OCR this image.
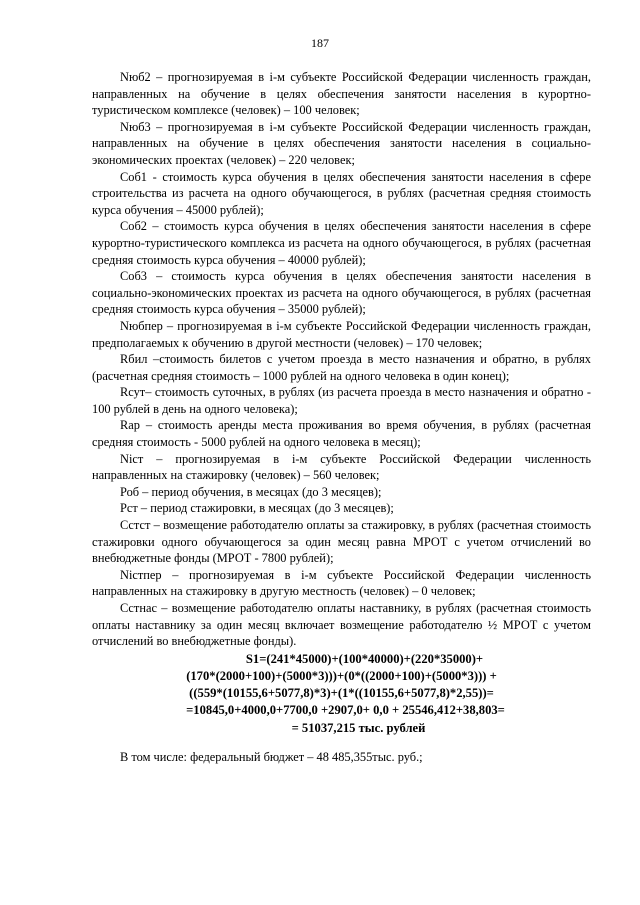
187

Nюб2 – прогнозируемая в i-м субъекте Российской Федерации численность граждан, направленных на обучение в целях обеспечения занятости населения в курортно-туристическом комплексе (человек) – 100 человек;

Nюб3 – прогнозируемая в i-м субъекте Российской Федерации численность граждан, направленных на обучение в целях обеспечения занятости населения в социально-экономических проектах (человек) – 220 человек;

Соб1 - стоимость курса обучения в целях обеспечения занятости населения в сфере строительства из расчета на одного обучающегося, в рублях (расчетная средняя стоимость курса обучения – 45000 рублей);

Соб2 – стоимость курса обучения в целях обеспечения занятости населения в сфере курортно-туристического комплекса из расчета на одного обучающегося, в рублях (расчетная средняя стоимость курса обучения – 40000 рублей);

Соб3 – стоимость курса обучения в целях обеспечения занятости населения в социально-экономических проектах из расчета на одного обучающегося, в рублях (расчетная средняя стоимость курса обучения – 35000 рублей);

Nюбпер – прогнозируемая в i-м субъекте Российской Федерации численность граждан, предполагаемых к обучению в другой местности (человек) – 170 человек;

Rбил –стоимость билетов с учетом проезда в место назначения и обратно, в рублях (расчетная средняя стоимость – 1000 рублей на одного человека в один конец);

Rсут– стоимость суточных, в рублях (из расчета проезда в место назначения и обратно - 100 рублей в день на одного человека);

Rар – стоимость аренды места проживания во время обучения, в рублях (расчетная средняя стоимость - 5000 рублей на одного человека в месяц);

Nicт – прогнозируемая в i-м субъекте Российской Федерации численность направленных на стажировку (человек) – 560 человек;

Роб – период обучения, в месяцах (до 3 месяцев);

Рст – период стажировки, в месяцах (до 3 месяцев);

Сстст – возмещение работодателю оплаты за стажировку, в рублях (расчетная стоимость стажировки одного обучающегося за один месяц равна МРОТ с учетом отчислений во внебюджетные фонды (МРОТ - 7800 рублей);

Nicтпер – прогнозируемая в i-м субъекте Российской Федерации численность направленных на стажировку в другую местность (человек) – 0 человек;

Сстнас – возмещение работодателю оплаты наставнику, в рублях (расчетная стоимость оплаты наставнику за один месяц включает возмещение работодателю ½ МРОТ с учетом отчислений во внебюджетные фонды).

S1=(241*45000)+(100*40000)+(220*35000)+
(170*(2000+100)+(5000*3)))+(0*((2000+100)+(5000*3))) +
((559*(10155,6+5077,8)*3)+(1*((10155,6+5077,8)*2,55))=
=10845,0+4000,0+7700,0 +2907,0+ 0,0 + 25546,412+38,803=
= 51037,215 тыс. рублей

В том числе: федеральный бюджет – 48 485,355тыс. руб.;
